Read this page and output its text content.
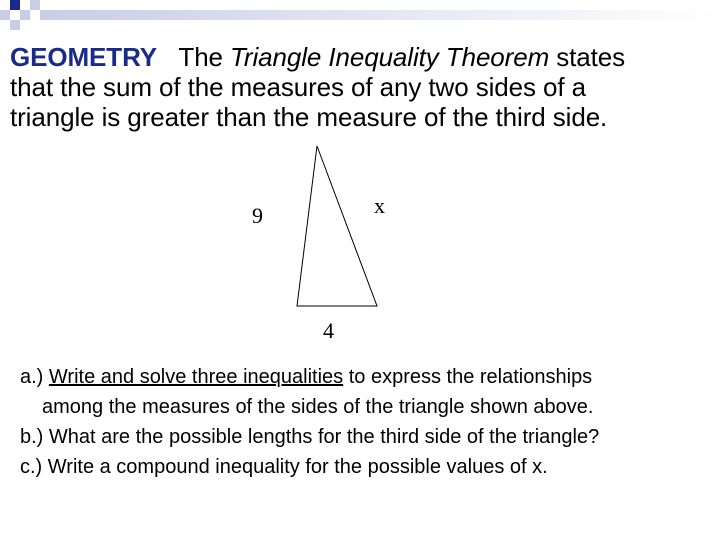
GEOMETRY The Triangle Inequality Theorem states
that the sum of the measures of any two sides of a
triangle is greater than the measure of the third side.
9	x
4
a.) Write and solve three inequalities to express the relationships
among the measures of the sides of the triangle shown above.
b.) What are the possible lengths for the third side of the triangle?
c.) Write a compound inequality for the possible values of x.
